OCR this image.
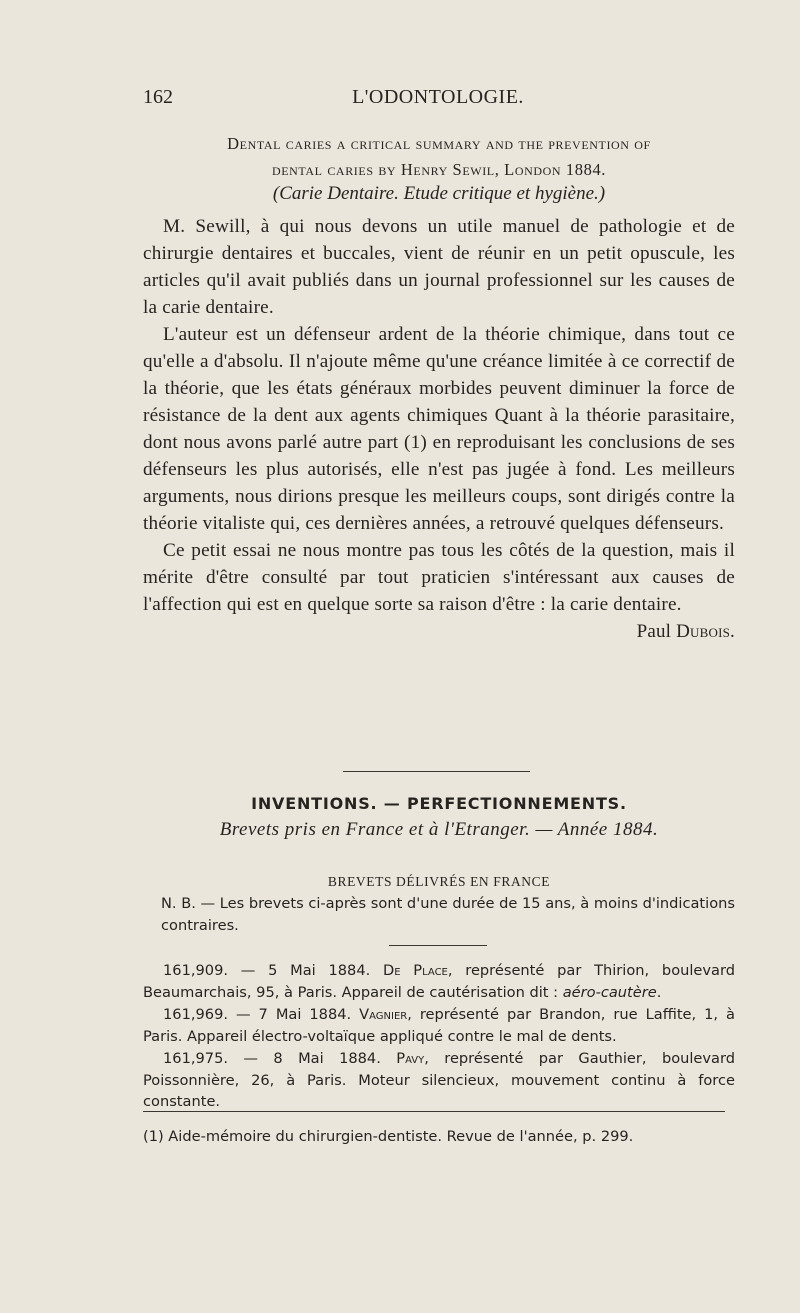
162	L'ODONTOLOGIE.
Dental caries a critical summary and the prevention of
dental caries by Henry Sewil, London 1884.
(Carie Dentaire. Etude critique et hygiène.)

M. Sewill, à qui nous devons un utile manuel de pathologie et de chirurgie dentaires et buccales, vient de réunir en un petit opuscule, les articles qu'il avait publiés dans un journal professionnel sur les causes de la carie dentaire.

L'auteur est un défenseur ardent de la théorie chimique, dans tout ce qu'elle a d'absolu. Il n'ajoute même qu'une créance limitée à ce correctif de la théorie, que les états généraux morbides peuvent diminuer la force de résistance de la dent aux agents chimiques Quant à la théorie parasitaire, dont nous avons parlé autre part (1) en reproduisant les conclusions de ses défenseurs les plus autorisés, elle n'est pas jugée à fond. Les meilleurs arguments, nous dirions presque les meilleurs coups, sont dirigés contre la théorie vitaliste qui, ces dernières années, a retrouvé quelques défenseurs.

Ce petit essai ne nous montre pas tous les côtés de la question, mais il mérite d'être consulté par tout praticien s'intéressant aux causes de l'affection qui est en quelque sorte sa raison d'être : la carie dentaire.

Paul Dubois.
INVENTIONS. — PERFECTIONNEMENTS.
Brevets pris en France et à l'Etranger. — Année 1884.
BREVETS DÉLIVRÉS EN FRANCE
N. B. — Les brevets ci-après sont d'une durée de 15 ans, à moins d'indications contraires.

161,909. — 5 Mai 1884. De Place, représenté par Thirion, boulevard Beaumarchais, 95, à Paris. Appareil de cautérisation dit : aéro-cautère.

161,969. — 7 Mai 1884. Vagnier, représenté par Brandon, rue Laffite, 1, à Paris. Appareil électro-voltaïque appliqué contre le mal de dents.

161,975. — 8 Mai 1884. Pavy, représenté par Gauthier, boulevard Poissonnière, 26, à Paris. Moteur silencieux, mouvement continu à force constante.

(1) Aide-mémoire du chirurgien-dentiste. Revue de l'année, p. 299.
